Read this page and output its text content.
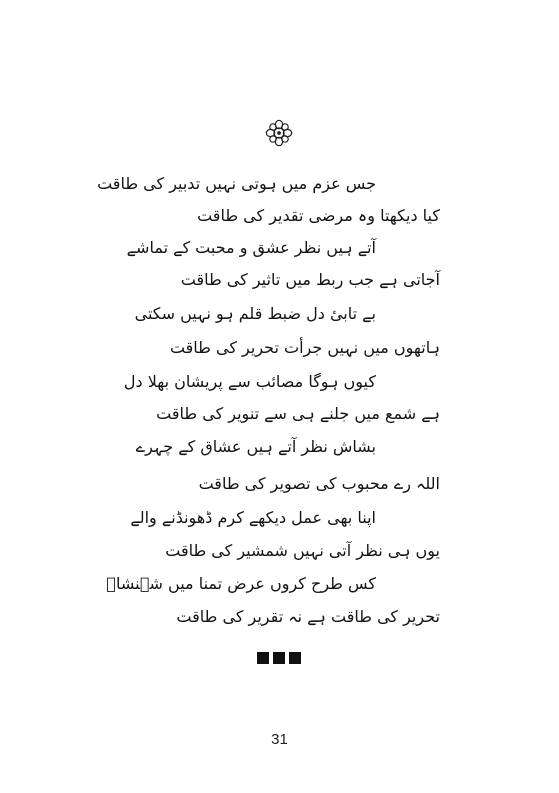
جس عزم میں ہوتی نہیں تدبیر کی طاقت
کیا دیکھتا وہ مرضی تقدیر کی طاقت
آتے ہیں نظر عشق و محبت کے تماشے
آجاتی ہے جب ربط میں تاثیر کی طاقت
بے تابیٔ دل ضبط قلم ہو نہیں سکتی
ہاتھوں میں نہیں جرأت تحریر کی طاقت
کیوں ہوگا مصائب سے پریشان بھلا دل
ہے شمع میں جلنے ہی سے تنویر کی طاقت
بشاش نظر آتے ہیں عشاق کے چہرے
اللہ رے محبوب کی تصویر کی طاقت
اپنا بھی عمل دیکھے کرم ڈھونڈنے والے
یوں ہی نظر آتی نہیں شمشیر کی طاقت
کس طرح کروں عرض تمنا میں شہنشاؔ
تحریر کی طاقت ہے نہ تقریر کی طاقت
31
